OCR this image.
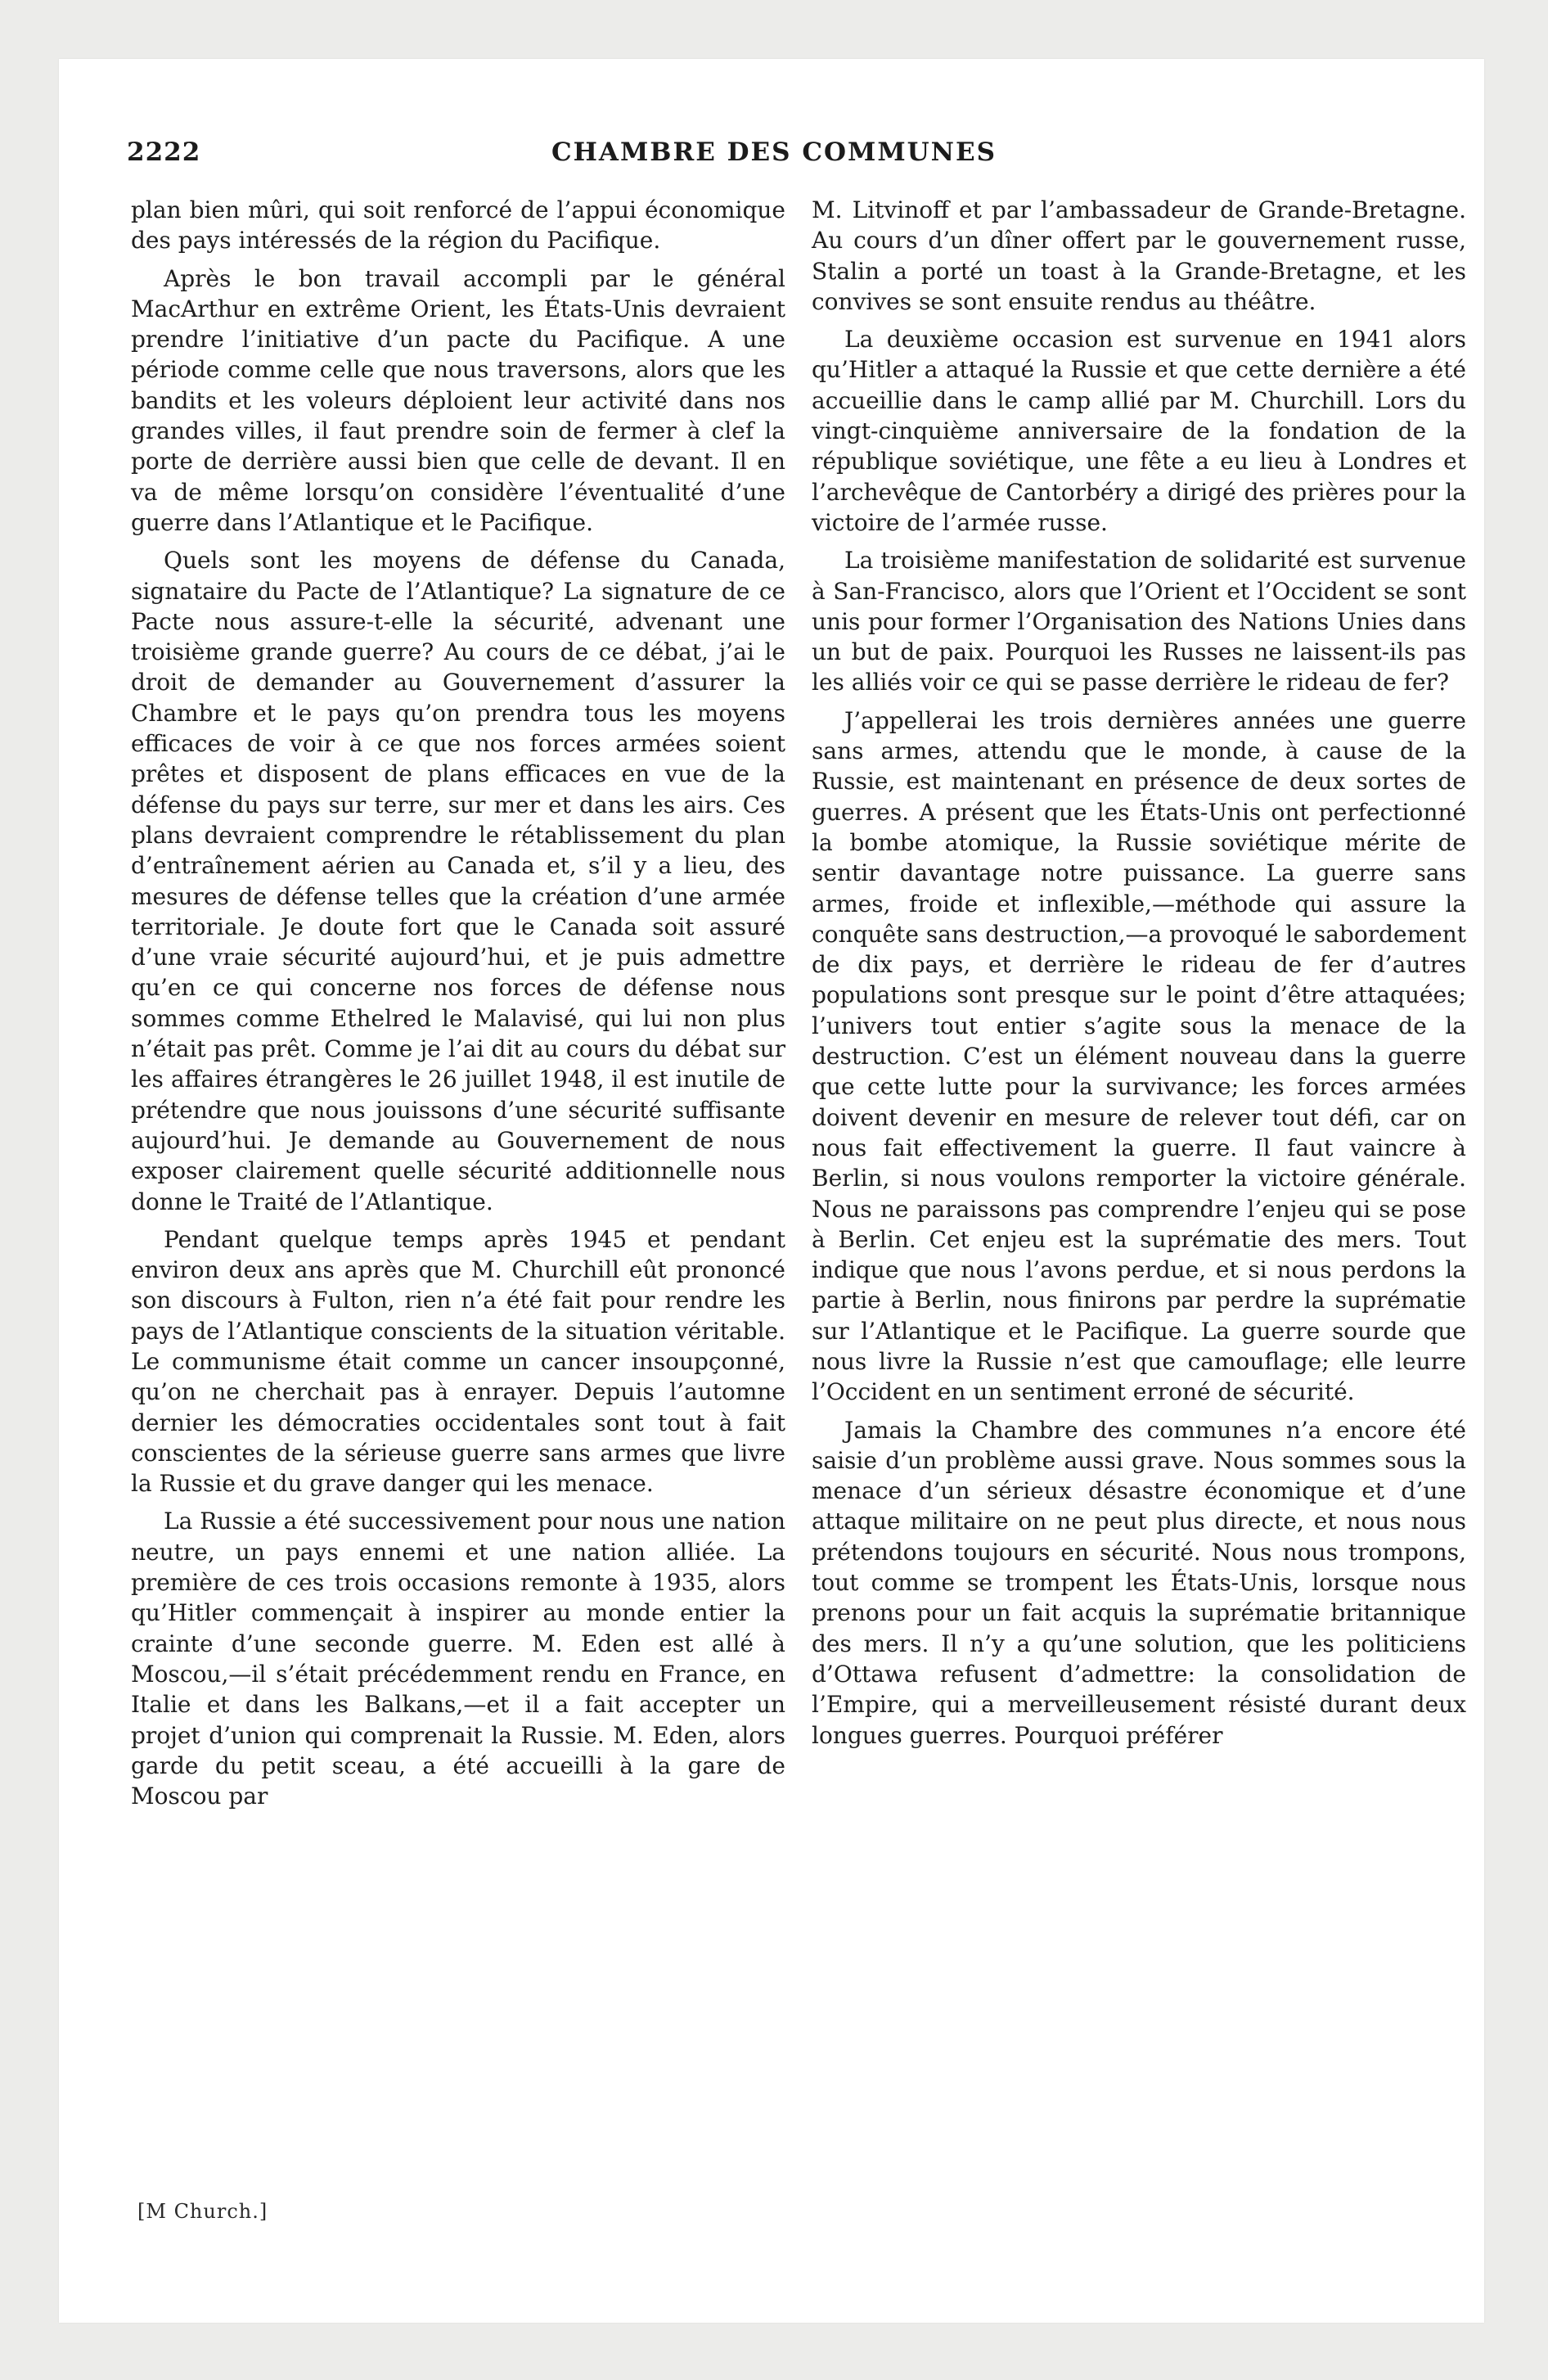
2222	CHAMBRE DES COMMUNES

plan bien mûri, qui soit renforcé de l’appui économique des pays intéressés de la région du Pacifique.

Après le bon travail accompli par le général MacArthur en extrême Orient, les États-Unis devraient prendre l’initiative d’un pacte du Pacifique. A une période comme celle que nous traversons, alors que les bandits et les voleurs déploient leur activité dans nos grandes villes, il faut prendre soin de fermer à clef la porte de derrière aussi bien que celle de devant. Il en va de même lorsqu’on considère l’éventualité d’une guerre dans l’Atlantique et le Pacifique.

Quels sont les moyens de défense du Canada, signataire du Pacte de l’Atlantique? La signature de ce Pacte nous assure-t-elle la sécurité, advenant une troisième grande guerre? Au cours de ce débat, j’ai le droit de demander au Gouvernement d’assurer la Chambre et le pays qu’on prendra tous les moyens efficaces de voir à ce que nos forces armées soient prêtes et disposent de plans efficaces en vue de la défense du pays sur terre, sur mer et dans les airs. Ces plans devraient comprendre le rétablissement du plan d’entraînement aérien au Canada et, s’il y a lieu, des mesures de défense telles que la création d’une armée territoriale. Je doute fort que le Canada soit assuré d’une vraie sécurité aujourd’hui, et je puis admettre qu’en ce qui concerne nos forces de défense nous sommes comme Ethelred le Malavisé, qui lui non plus n’était pas prêt. Comme je l’ai dit au cours du débat sur les affaires étrangères le 26 juillet 1948, il est inutile de prétendre que nous jouissons d’une sécurité suffisante aujourd’hui. Je demande au Gouvernement de nous exposer clairement quelle sécurité additionnelle nous donne le Traité de l’Atlantique.

Pendant quelque temps après 1945 et pendant environ deux ans après que M. Churchill eût prononcé son discours à Fulton, rien n’a été fait pour rendre les pays de l’Atlantique conscients de la situation véritable. Le communisme était comme un cancer insoupçonné, qu’on ne cherchait pas à enrayer. Depuis l’automne dernier les démocraties occidentales sont tout à fait conscientes de la sérieuse guerre sans armes que livre la Russie et du grave danger qui les menace.

La Russie a été successivement pour nous une nation neutre, un pays ennemi et une nation alliée. La première de ces trois occasions remonte à 1935, alors qu’Hitler commençait à inspirer au monde entier la crainte d’une seconde guerre. M. Eden est allé à Moscou,—il s’était précédemment rendu en France, en Italie et dans les Balkans,—et il a fait accepter un projet d’union qui comprenait la Russie. M. Eden, alors garde du petit sceau, a été accueilli à la gare de Moscou par

M. Litvinoff et par l’ambassadeur de Grande-Bretagne. Au cours d’un dîner offert par le gouvernement russe, Stalin a porté un toast à la Grande-Bretagne, et les convives se sont ensuite rendus au théâtre.

La deuxième occasion est survenue en 1941 alors qu’Hitler a attaqué la Russie et que cette dernière a été accueillie dans le camp allié par M. Churchill. Lors du vingt-cinquième anniversaire de la fondation de la république soviétique, une fête a eu lieu à Londres et l’archevêque de Cantorbéry a dirigé des prières pour la victoire de l’armée russe.

La troisième manifestation de solidarité est survenue à San-Francisco, alors que l’Orient et l’Occident se sont unis pour former l’Organisation des Nations Unies dans un but de paix. Pourquoi les Russes ne laissent-ils pas les alliés voir ce qui se passe derrière le rideau de fer?

J’appellerai les trois dernières années une guerre sans armes, attendu que le monde, à cause de la Russie, est maintenant en présence de deux sortes de guerres. A présent que les États-Unis ont perfectionné la bombe atomique, la Russie soviétique mérite de sentir davantage notre puissance. La guerre sans armes, froide et inflexible,—méthode qui assure la conquête sans destruction,—a provoqué le sabordement de dix pays, et derrière le rideau de fer d’autres populations sont presque sur le point d’être attaquées; l’univers tout entier s’agite sous la menace de la destruction. C’est un élément nouveau dans la guerre que cette lutte pour la survivance; les forces armées doivent devenir en mesure de relever tout défi, car on nous fait effectivement la guerre. Il faut vaincre à Berlin, si nous voulons remporter la victoire générale. Nous ne paraissons pas comprendre l’enjeu qui se pose à Berlin. Cet enjeu est la suprématie des mers. Tout indique que nous l’avons perdue, et si nous perdons la partie à Berlin, nous finirons par perdre la suprématie sur l’Atlantique et le Pacifique. La guerre sourde que nous livre la Russie n’est que camouflage; elle leurre l’Occident en un sentiment erroné de sécurité.

Jamais la Chambre des communes n’a encore été saisie d’un problème aussi grave. Nous sommes sous la menace d’un sérieux désastre économique et d’une attaque militaire on ne peut plus directe, et nous nous prétendons toujours en sécurité. Nous nous trompons, tout comme se trompent les États-Unis, lorsque nous prenons pour un fait acquis la suprématie britannique des mers. Il n’y a qu’une solution, que les politiciens d’Ottawa refusent d’admettre: la consolidation de l’Empire, qui a merveilleusement résisté durant deux longues guerres. Pourquoi préférer

[M Church.]
